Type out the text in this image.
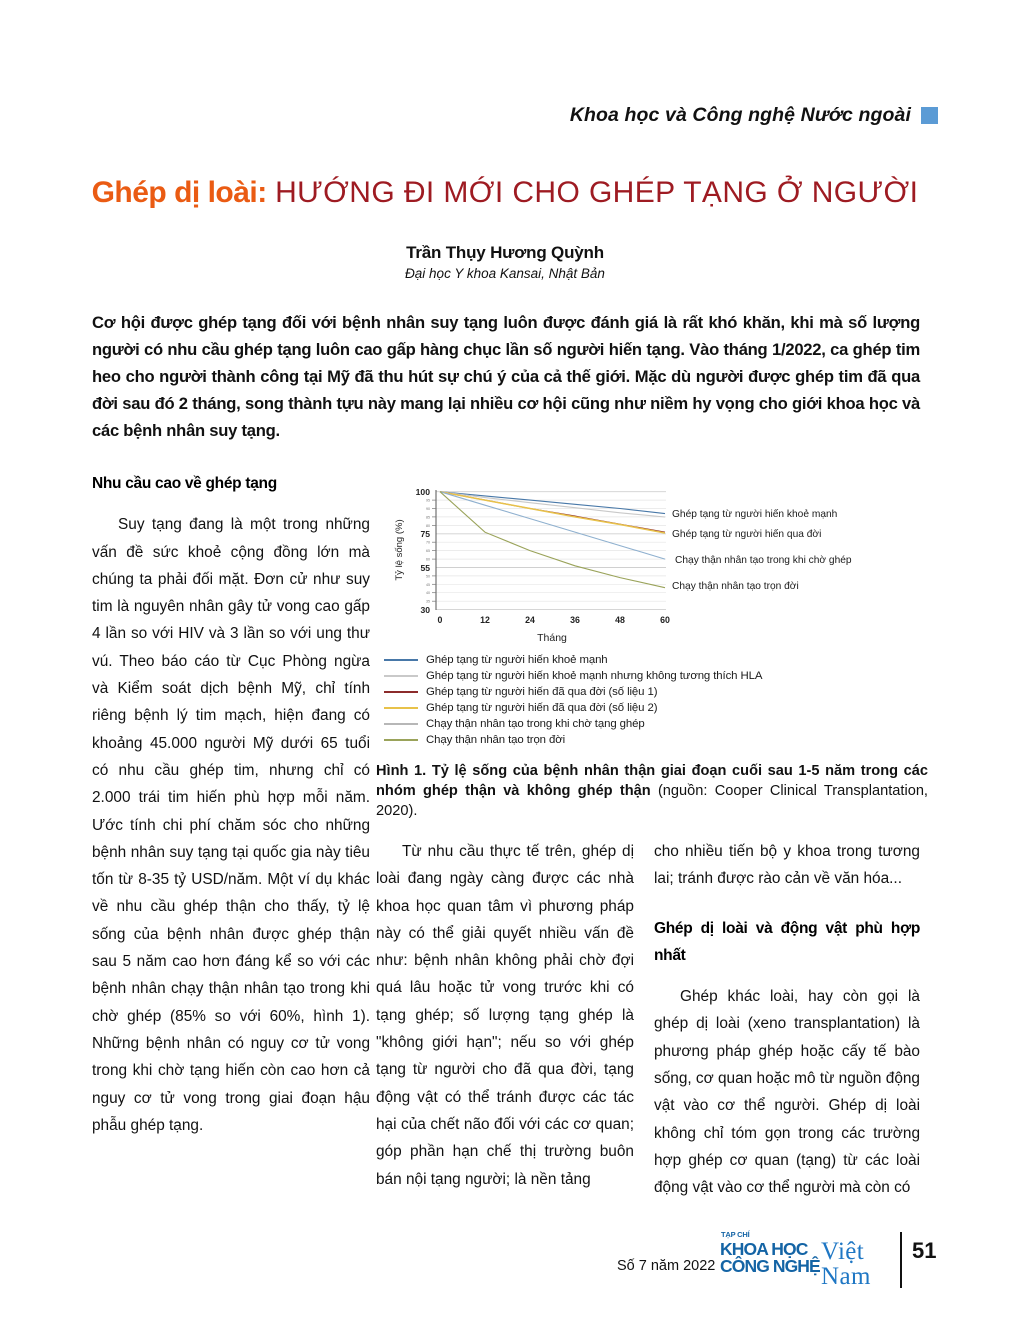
Khoa học và Công nghệ Nước ngoài
Ghép dị loài: HƯỚNG ĐI MỚI CHO GHÉP TẠNG Ở NGƯỜI
Trần Thụy Hương Quỳnh
Đại học Y khoa Kansai, Nhật Bản
Cơ hội được ghép tạng đối với bệnh nhân suy tạng luôn được đánh giá là rất khó khăn, khi mà số lượng người có nhu cầu ghép tạng luôn cao gấp hàng chục lần số người hiến tạng. Vào tháng 1/2022, ca ghép tim heo cho người thành công tại Mỹ đã thu hút sự chú ý của cả thế giới. Mặc dù người được ghép tim đã qua đời sau đó 2 tháng, song thành tựu này mang lại nhiều cơ hội cũng như niềm hy vọng cho giới khoa học và các bệnh nhân suy tạng.
Nhu cầu cao về ghép tạng

Suy tạng đang là một trong những vấn đề sức khoẻ cộng đồng lớn mà chúng ta phải đối mặt. Đơn cử như suy tim là nguyên nhân gây tử vong cao gấp 4 lần so với HIV và 3 lần so với ung thư vú. Theo báo cáo từ Cục Phòng ngừa và Kiểm soát dịch bệnh Mỹ, chỉ tính riêng bệnh lý tim mạch, hiện đang có khoảng 45.000 người Mỹ dưới 65 tuổi có nhu cầu ghép tim, nhưng chỉ có 2.000 trái tim hiến phù hợp mỗi năm. Ước tính chi phí chăm sóc cho những bệnh nhân suy tạng tại quốc gia này tiêu tốn từ 8-35 tỷ USD/năm. Một ví dụ khác về nhu cầu ghép thận cho thấy, tỷ lệ sống của bệnh nhân được ghép thận sau 5 năm cao hơn đáng kể so với các bệnh nhân chạy thận nhân tạo trong khi chờ ghép (85% so với 60%, hình 1). Những bệnh nhân có nguy cơ tử vong trong khi chờ tạng hiến còn cao hơn cả nguy cơ tử vong trong giai đoạn hậu phẫu ghép tạng.

100
75
55
30
95
90
85
80
70
65
60
50
45
40
35
Tỷ lệ sống (%)
0	12	24	36	48	60
Tháng
Ghép tạng từ người hiến khoẻ mạnh
Ghép tạng từ người hiến qua đời
Chạy thận nhân tạo trong khi chờ ghép
Chạy thận nhân tạo trọn đời
Ghép tạng từ người hiến khoẻ mạnh
Ghép tạng từ người hiến khoẻ mạnh nhưng không tương thích HLA
Ghép tạng từ người hiến đã qua đời (số liệu 1)
Ghép tạng từ người hiến đã qua đời (số liệu 2)
Chạy thận nhân tạo trong khi chờ tạng ghép
Chạy thận nhân tạo trọn đời
Hình 1. Tỷ lệ sống của bệnh nhân thận giai đoạn cuối sau 1-5 năm trong các nhóm ghép thận và không ghép thận (nguồn: Cooper Clinical Transplantation, 2020).

Từ nhu cầu thực tế trên, ghép dị loài đang ngày càng được các nhà khoa học quan tâm vì phương pháp này có thể giải quyết nhiều vấn đề như: bệnh nhân không phải chờ đợi quá lâu hoặc tử vong trước khi có tạng ghép; số lượng tạng ghép là "không giới hạn"; nếu so với ghép tạng từ người cho đã qua đời, tạng động vật có thể tránh được các tác hại của chết não đối với các cơ quan; góp phần hạn chế thị trường buôn bán nội tạng người; là nền tảng

cho nhiều tiến bộ y khoa trong tương lai; tránh được rào cản về văn hóa...

Ghép dị loài và động vật phù hợp nhất

Ghép khác loài, hay còn gọi là ghép dị loài (xeno transplantation) là phương pháp ghép hoặc cấy tế bào sống, cơ quan hoặc mô từ nguồn động vật vào cơ thể người. Ghép dị loài không chỉ tóm gọn trong các trường hợp ghép cơ quan (tạng) từ các loài động vật vào cơ thể người mà còn có

Số 7 năm 2022
TẠP CHÍ
KHOA HỌC
CÔNG NGHỆ
Việt Nam
51
